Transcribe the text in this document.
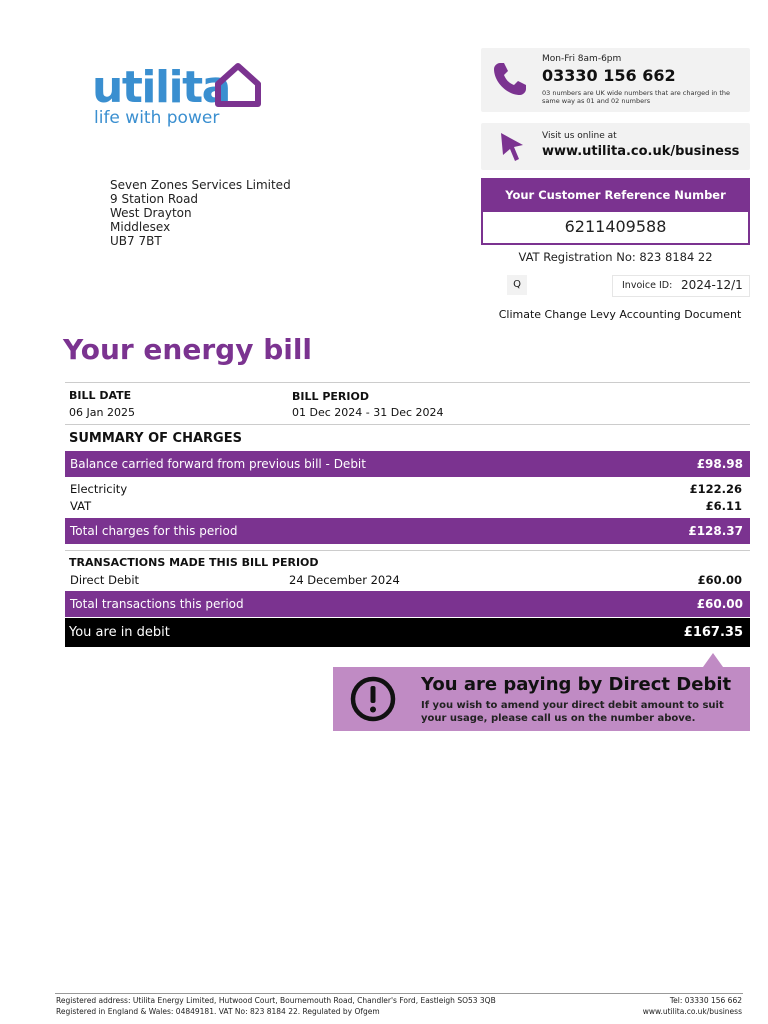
utilita
life with power
Seven Zones Services Limited
9 Station Road
West Drayton
Middlesex
UB7 7BT
Mon-Fri 8am-6pm
03330 156 662
03 numbers are UK wide numbers that are charged in the same way as 01 and 02 numbers
Visit us online at
www.utilita.co.uk/business
Your Customer Reference Number
6211409588
VAT Registration No: 823 8184 22
Q	Invoice ID: 2024-12/1
Climate Change Levy Accounting Document
Your energy bill
BILL DATE
06 Jan 2025
BILL PERIOD
01 Dec 2024 - 31 Dec 2024
SUMMARY OF CHARGES
Balance carried forward from previous bill - Debit	£98.98
Electricity	£122.26
VAT	£6.11
Total charges for this period	£128.37
TRANSACTIONS MADE THIS BILL PERIOD
Direct Debit	24 December 2024	£60.00
Total transactions this period	£60.00
You are in debit	£167.35
You are paying by Direct Debit
If you wish to amend your direct debit amount to suit your usage, please call us on the number above.
Registered address: Utilita Energy Limited, Hutwood Court, Bournemouth Road, Chandler's Ford, Eastleigh SO53 3QB
Registered in England & Wales: 04849181. VAT No: 823 8184 22. Regulated by Ofgem
Tel: 03330 156 662
www.utilita.co.uk/business
